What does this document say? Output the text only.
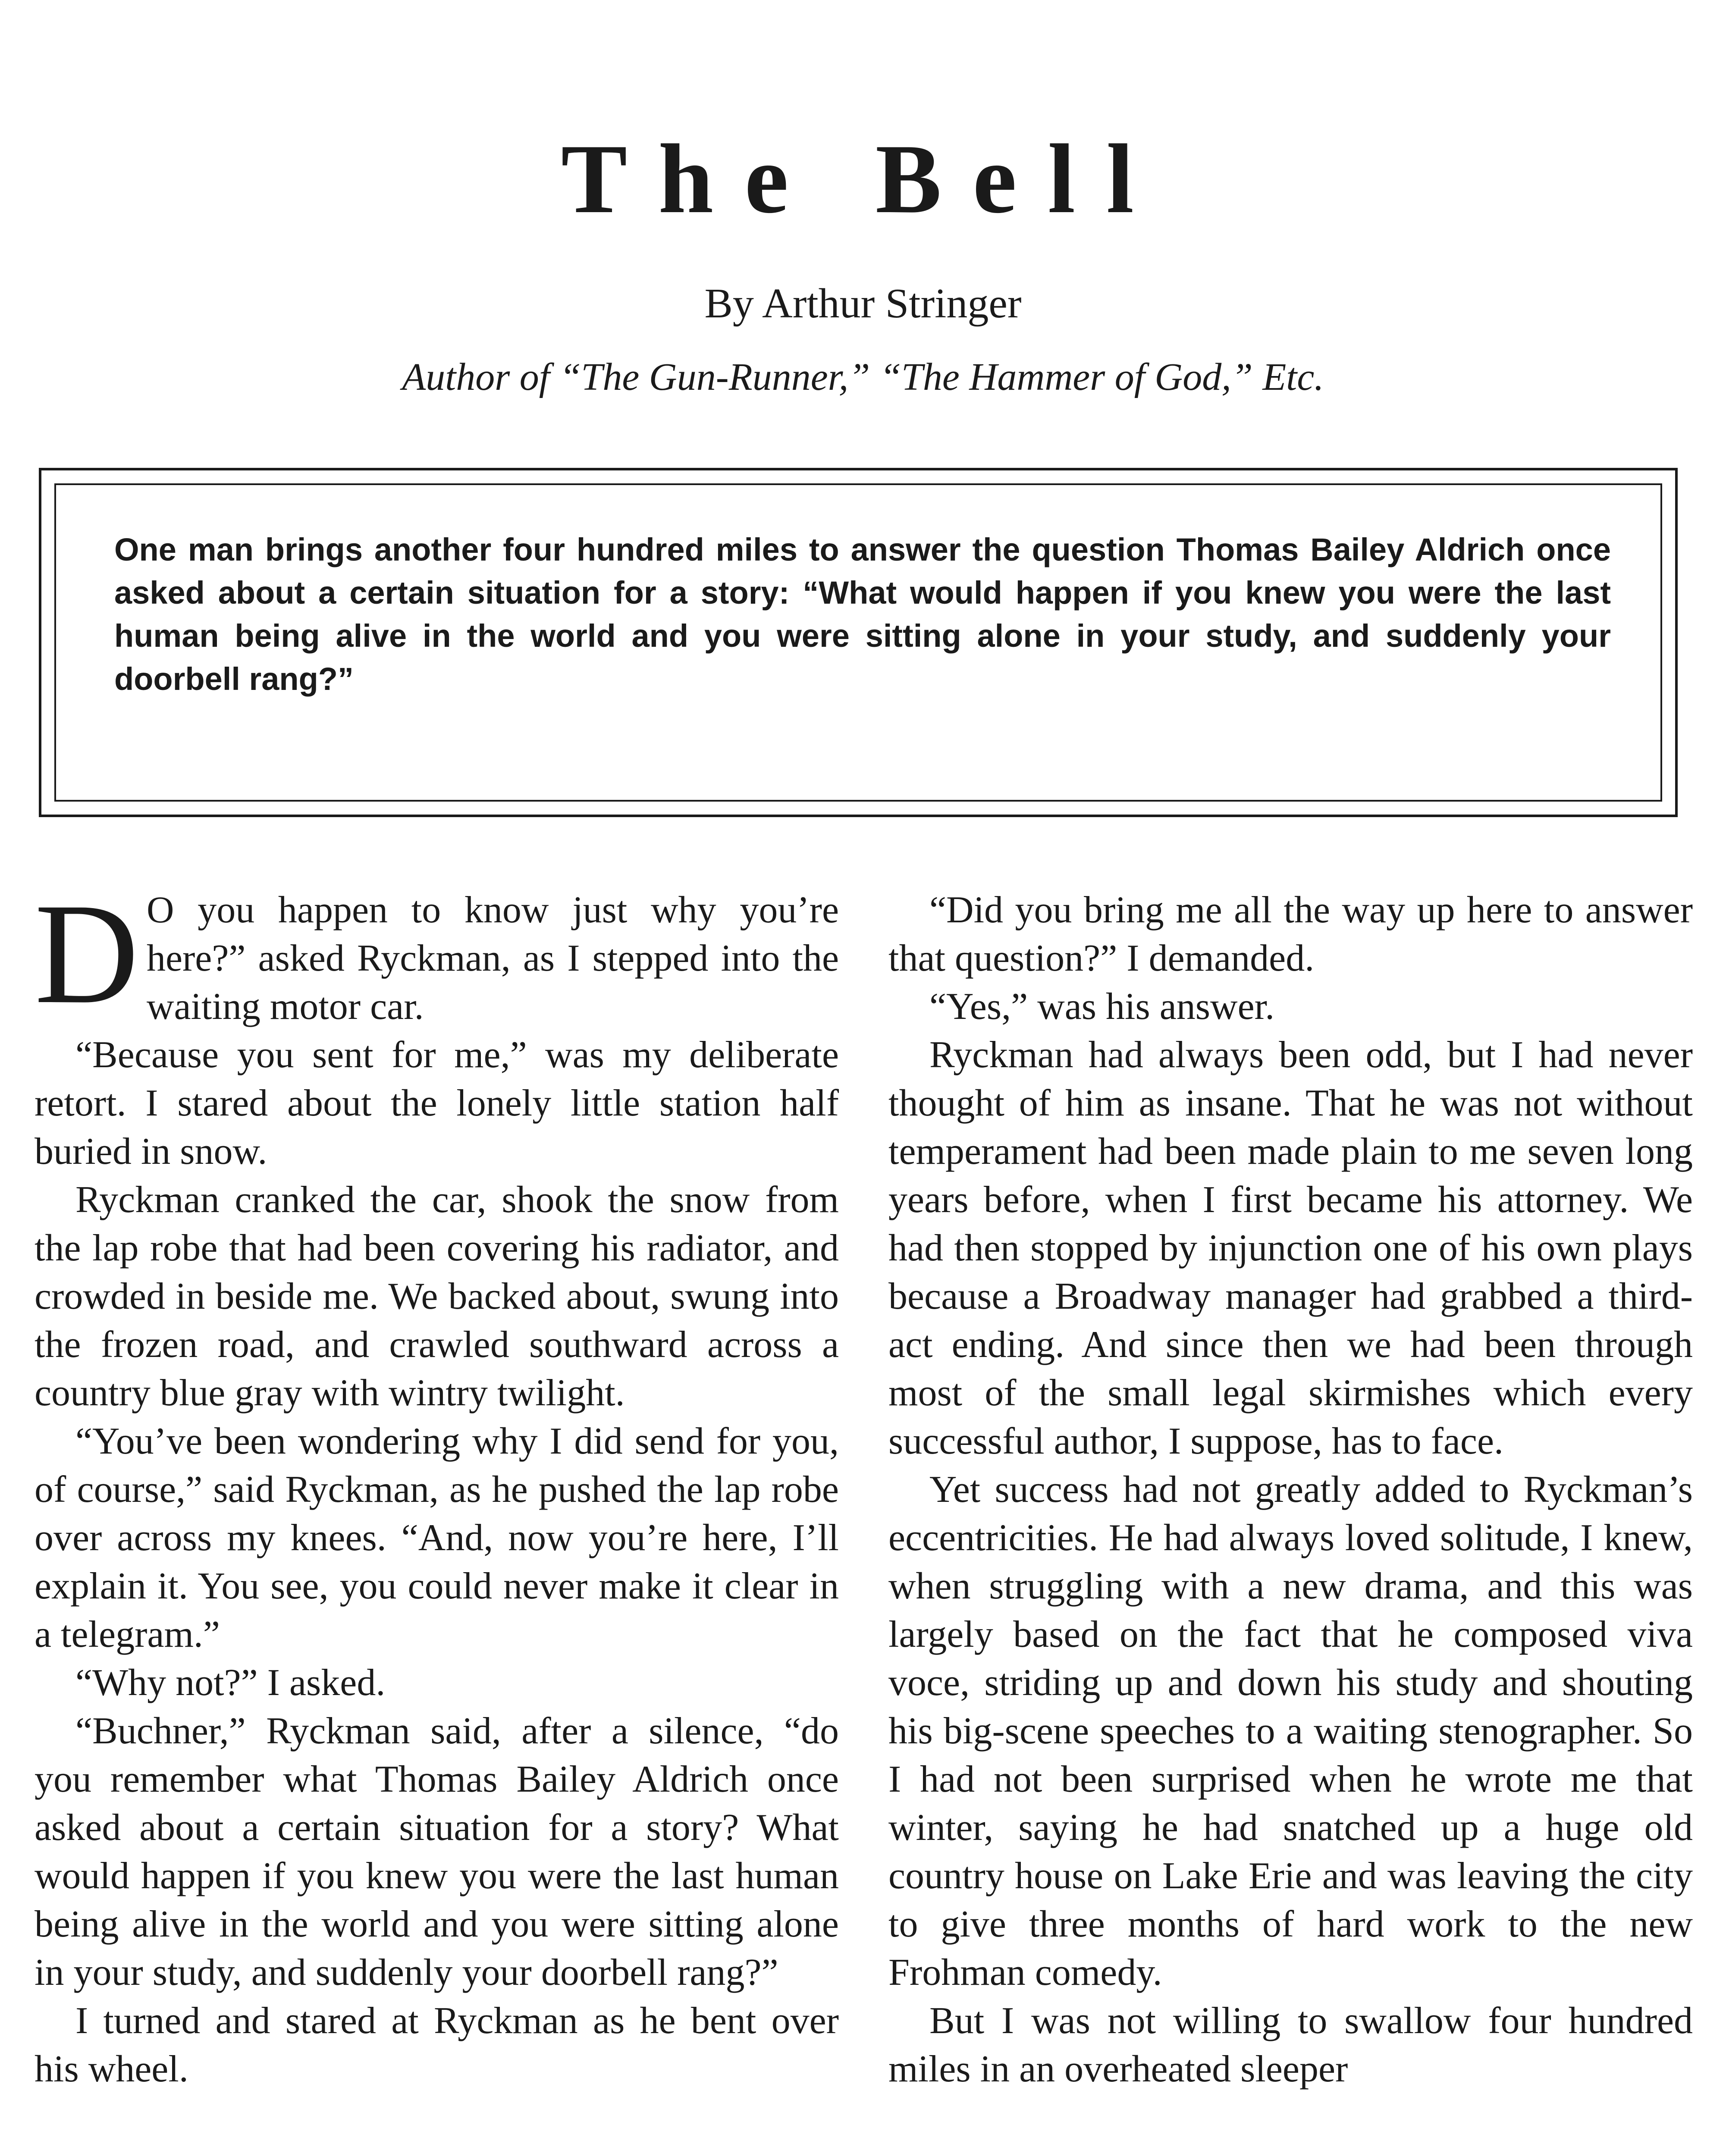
The Bell
By Arthur Stringer
Author of “The Gun-Runner,” “The Hammer of God,” Etc.

One man brings another four hundred miles to answer the question Thomas Bailey Aldrich once asked about a certain situation for a story: “What would happen if you knew you were the last human being alive in the world and you were sitting alone in your study, and suddenly your doorbell rang?”

D O you happen to know just why you’re here?” asked Ryckman, as I stepped into the waiting motor car.

“Because you sent for me,” was my deliberate retort. I stared about the lonely little station half buried in snow.

Ryckman cranked the car, shook the snow from the lap robe that had been covering his radiator, and crowded in beside me. We backed about, swung into the frozen road, and crawled southward across a country blue gray with wintry twilight.

“You’ve been wondering why I did send for you, of course,” said Ryckman, as he pushed the lap robe over across my knees. “And, now you’re here, I’ll explain it. You see, you could never make it clear in a telegram.”

“Why not?” I asked.

“Buchner,” Ryckman said, after a silence, “do you remember what Thomas Bailey Aldrich once asked about a certain situation for a story? What would happen if you knew you were the last human being alive in the world and you were sitting alone in your study, and suddenly your doorbell rang?”

I turned and stared at Ryckman as he bent over his wheel.

“Did you bring me all the way up here to answer that question?” I demanded.

“Yes,” was his answer.

Ryckman had always been odd, but I had never thought of him as insane. That he was not without temperament had been made plain to me seven long years before, when I first became his attorney. We had then stopped by injunction one of his own plays because a Broadway manager had grabbed a third-act ending. And since then we had been through most of the small legal skirmishes which every successful author, I suppose, has to face.

Yet success had not greatly added to Ryckman’s eccentricities. He had always loved solitude, I knew, when struggling with a new drama, and this was largely based on the fact that he composed viva voce, striding up and down his study and shouting his big-scene speeches to a waiting stenographer. So I had not been surprised when he wrote me that winter, saying he had snatched up a huge old country house on Lake Erie and was leaving the city to give three months of hard work to the new Frohman comedy.

But I was not willing to swallow four hundred miles in an overheated sleeper
